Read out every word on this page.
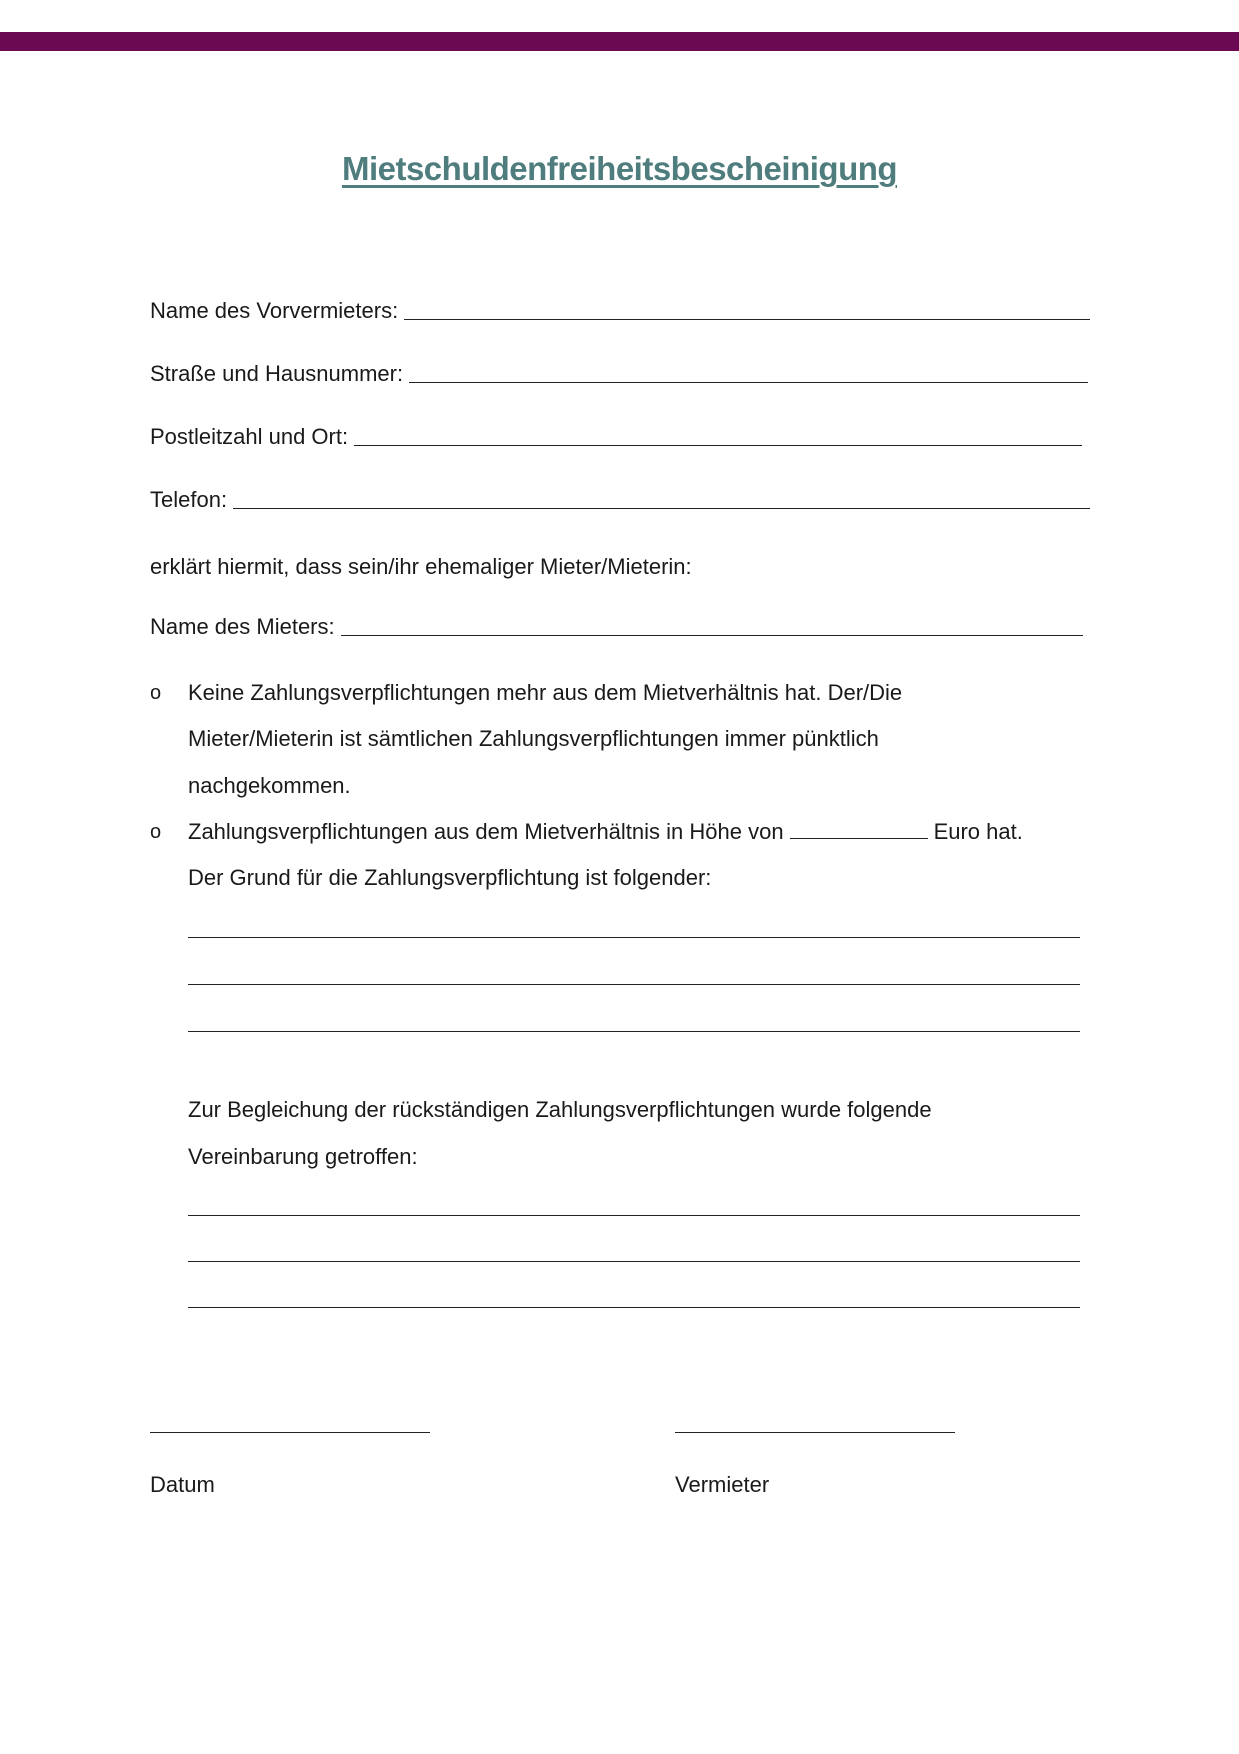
Mietschuldenfreiheitsbescheinigung
Name des Vorvermieters:
Straße und Hausnummer:
Postleitzahl und Ort:
Telefon:
erklärt hiermit, dass sein/ihr ehemaliger Mieter/Mieterin:
Name des Mieters:
o Keine Zahlungsverpflichtungen mehr aus dem Mietverhältnis hat. Der/Die
Mieter/Mieterin ist sämtlichen Zahlungsverpflichtungen immer pünktlich
nachgekommen.
o Zahlungsverpflichtungen aus dem Mietverhältnis in Höhe von	Euro hat.
Der Grund für die Zahlungsverpflichtung ist folgender:
Zur Begleichung der rückständigen Zahlungsverpflichtungen wurde folgende
Vereinbarung getroffen:
Datum	Vermieter
